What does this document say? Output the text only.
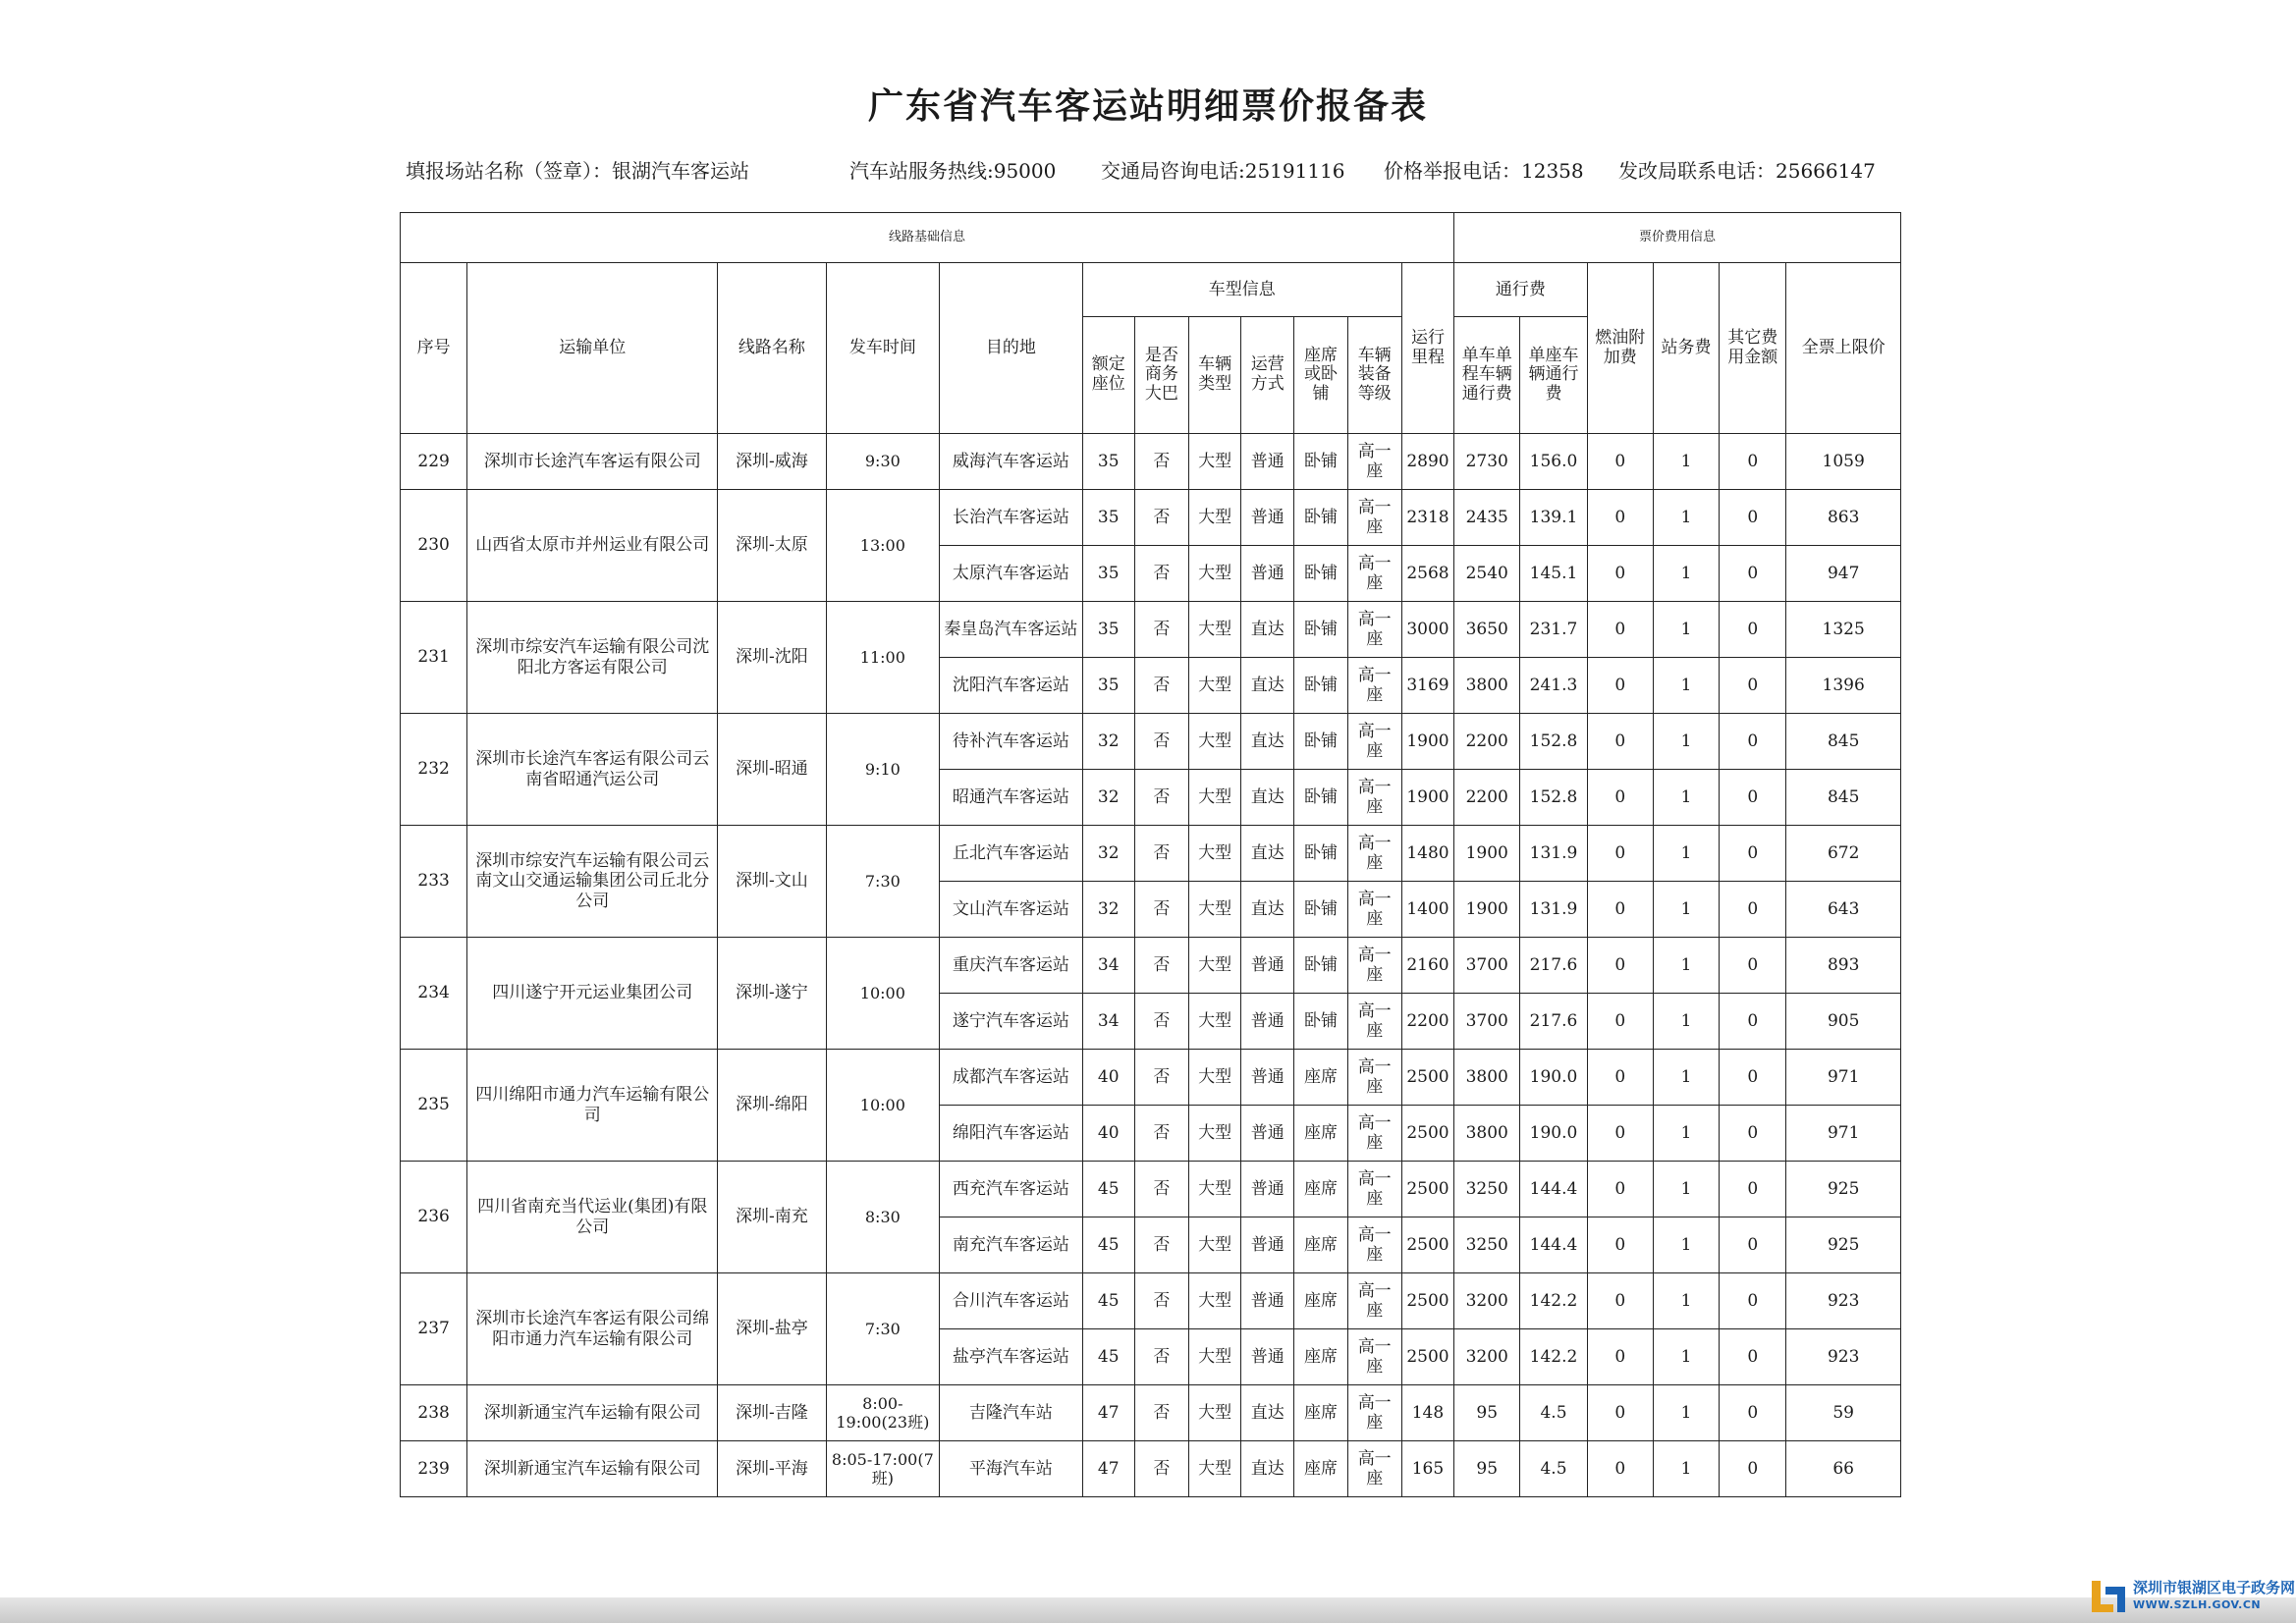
广东省汽车客运站明细票价报备表
填报场站名称（签章）：银湖汽车客运站	汽车站服务热线:95000 交通局咨询电话:25191116 价格举报电话：12358 发改局联系电话：25666147
线路基础信息												票价费用信息					
序号	运输单位	线路名称	发车时间	目的地	车型信息						运行里程	通行费		燃油附加费	站务费	其它费用金额	全票上限价
					额定座位	是否商务大巴	车辆类型	运营方式	座席或卧铺	车辆装备等级		单车单程车辆通行费	单座车辆通行费				
229	深圳市长途汽车客运有限公司	深圳-威海	9:30	威海汽车客运站	35	否	大型	普通	卧铺	高一座	2890	2730	156.0	0	1	0	1059
230	山西省太原市并州运业有限公司	深圳-太原	13:00	长治汽车客运站	35	否	大型	普通	卧铺	高一座	2318	2435	139.1	0	1	0	863
				太原汽车客运站	35	否	大型	普通	卧铺	高一座	2568	2540	145.1	0	1	0	947
231	深圳市综安汽车运输有限公司沈阳北方客运有限公司	深圳-沈阳	11:00	秦皇岛汽车客运站	35	否	大型	直达	卧铺	高一座	3000	3650	231.7	0	1	0	1325
				沈阳汽车客运站	35	否	大型	直达	卧铺	高一座	3169	3800	241.3	0	1	0	1396
232	深圳市长途汽车客运有限公司云南省昭通汽运公司	深圳-昭通	9:10	待补汽车客运站	32	否	大型	直达	卧铺	高一座	1900	2200	152.8	0	1	0	845
				昭通汽车客运站	32	否	大型	直达	卧铺	高一座	1900	2200	152.8	0	1	0	845
233	深圳市综安汽车运输有限公司云南文山交通运输集团公司丘北分公司	深圳-文山	7:30	丘北汽车客运站	32	否	大型	直达	卧铺	高一座	1480	1900	131.9	0	1	0	672
				文山汽车客运站	32	否	大型	直达	卧铺	高一座	1400	1900	131.9	0	1	0	643
234	四川遂宁开元运业集团公司	深圳-遂宁	10:00	重庆汽车客运站	34	否	大型	普通	卧铺	高一座	2160	3700	217.6	0	1	0	893
				遂宁汽车客运站	34	否	大型	普通	卧铺	高一座	2200	3700	217.6	0	1	0	905
235	四川绵阳市通力汽车运输有限公司	深圳-绵阳	10:00	成都汽车客运站	40	否	大型	普通	座席	高一座	2500	3800	190.0	0	1	0	971
				绵阳汽车客运站	40	否	大型	普通	座席	高一座	2500	3800	190.0	0	1	0	971
236	四川省南充当代运业(集团)有限公司	深圳-南充	8:30	西充汽车客运站	45	否	大型	普通	座席	高一座	2500	3250	144.4	0	1	0	925
				南充汽车客运站	45	否	大型	普通	座席	高一座	2500	3250	144.4	0	1	0	925
237	深圳市长途汽车客运有限公司绵阳市通力汽车运输有限公司	深圳-盐亭	7:30	合川汽车客运站	45	否	大型	普通	座席	高一座	2500	3200	142.2	0	1	0	923
				盐亭汽车客运站	45	否	大型	普通	座席	高一座	2500	3200	142.2	0	1	0	923
238	深圳新通宝汽车运输有限公司	深圳-吉隆	8:00-19:00(23班)	吉隆汽车站	47	否	大型	直达	座席	高一座	148	95	4.5	0	1	0	59
239	深圳新通宝汽车运输有限公司	深圳-平海	8:05-17:00(7班)	平海汽车站	47	否	大型	直达	座席	高一座	165	95	4.5	0	1	0	66
深圳市银湖区电子政务网
WWW.SZLH.GOV.CN
